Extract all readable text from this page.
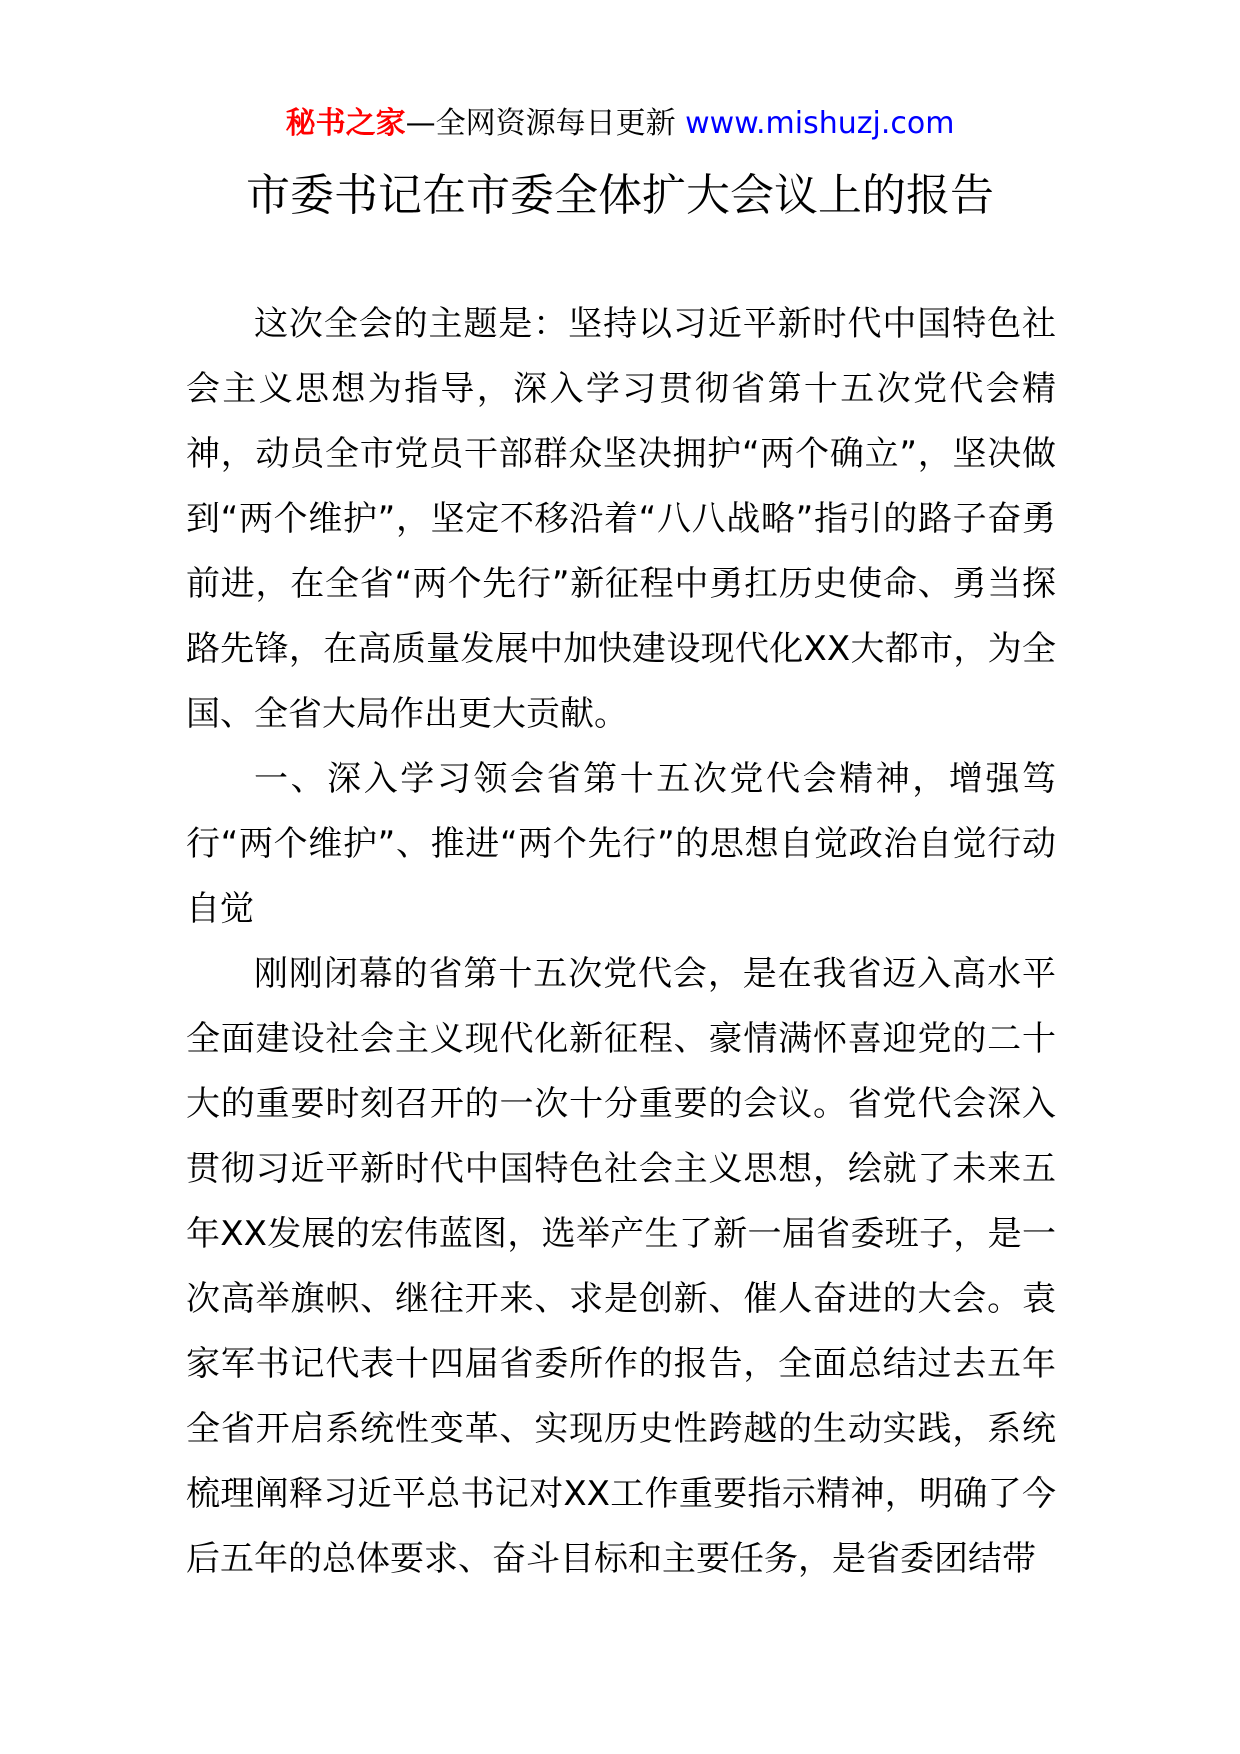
秘书之家—全网资源每日更新 www.mishuzj.com
市委书记在市委全体扩大会议上的报告

这次全会的主题是：坚持以习近平新时代中国特色社会主义思想为指导，深入学习贯彻省第十五次党代会精神，动员全市党员干部群众坚决拥护“两个确立”，坚决做到“两个维护”，坚定不移沿着“八八战略”指引的路子奋勇前进，在全省“两个先行”新征程中勇扛历史使命、勇当探路先锋，在高质量发展中加快建设现代化XX大都市，为全国、全省大局作出更大贡献。

一、深入学习领会省第十五次党代会精神，增强笃行“两个维护”、推进“两个先行”的思想自觉政治自觉行动自觉

刚刚闭幕的省第十五次党代会，是在我省迈入高水平全面建设社会主义现代化新征程、豪情满怀喜迎党的二十大的重要时刻召开的一次十分重要的会议。省党代会深入贯彻习近平新时代中国特色社会主义思想，绘就了未来五年XX发展的宏伟蓝图，选举产生了新一届省委班子，是一次高举旗帜、继往开来、求是创新、催人奋进的大会。袁家军书记代表十四届省委所作的报告，全面总结过去五年全省开启系统性变革、实现历史性跨越的生动实践，系统梳理阐释习近平总书记对XX工作重要指示精神，明确了今后五年的总体要求、奋斗目标和主要任务，是省委团结带
